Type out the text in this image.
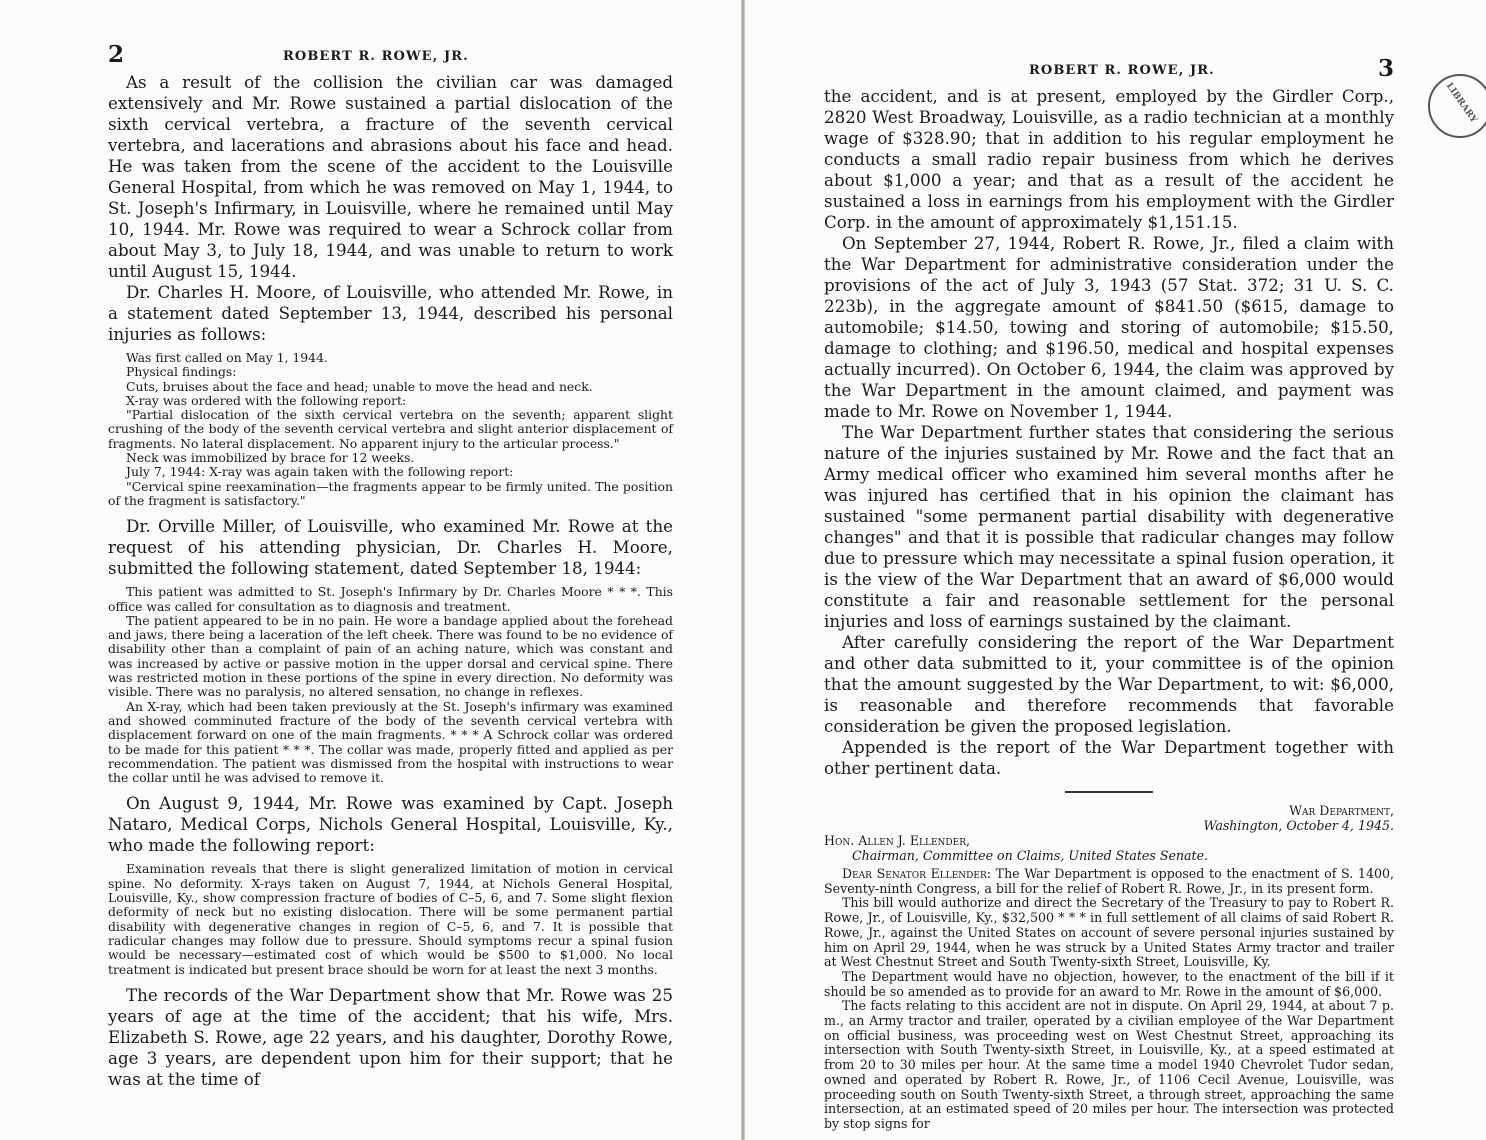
2	ROBERT R. ROWE, JR.

As a result of the collision the civilian car was damaged extensively and Mr. Rowe sustained a partial dislocation of the sixth cervical vertebra, a fracture of the seventh cervical vertebra, and lacerations and abrasions about his face and head. He was taken from the scene of the accident to the Louisville General Hospital, from which he was removed on May 1, 1944, to St. Joseph's Infirmary, in Louisville, where he remained until May 10, 1944. Mr. Rowe was required to wear a Schrock collar from about May 3, to July 18, 1944, and was unable to return to work until August 15, 1944.

Dr. Charles H. Moore, of Louisville, who attended Mr. Rowe, in a statement dated September 13, 1944, described his personal injuries as follows:

Was first called on May 1, 1944.

Physical findings:

Cuts, bruises about the face and head; unable to move the head and neck.

X-ray was ordered with the following report:

"Partial dislocation of the sixth cervical vertebra on the seventh; apparent slight crushing of the body of the seventh cervical vertebra and slight anterior displacement of fragments. No lateral displacement. No apparent injury to the articular process."

Neck was immobilized by brace for 12 weeks.

July 7, 1944: X-ray was again taken with the following report:

"Cervical spine reexamination—the fragments appear to be firmly united. The position of the fragment is satisfactory."

Dr. Orville Miller, of Louisville, who examined Mr. Rowe at the request of his attending physician, Dr. Charles H. Moore, submitted the following statement, dated September 18, 1944:

This patient was admitted to St. Joseph's Infirmary by Dr. Charles Moore * * *. This office was called for consultation as to diagnosis and treatment.

The patient appeared to be in no pain. He wore a bandage applied about the forehead and jaws, there being a laceration of the left cheek. There was found to be no evidence of disability other than a complaint of pain of an aching nature, which was constant and was increased by active or passive motion in the upper dorsal and cervical spine. There was restricted motion in these portions of the spine in every direction. No deformity was visible. There was no paralysis, no altered sensation, no change in reflexes.

An X-ray, which had been taken previously at the St. Joseph's infirmary was examined and showed comminuted fracture of the body of the seventh cervical vertebra with displacement forward on one of the main fragments. * * * A Schrock collar was ordered to be made for this patient * * *. The collar was made, properly fitted and applied as per recommendation. The patient was dismissed from the hospital with instructions to wear the collar until he was advised to remove it.

On August 9, 1944, Mr. Rowe was examined by Capt. Joseph Nataro, Medical Corps, Nichols General Hospital, Louisville, Ky., who made the following report:

Examination reveals that there is slight generalized limitation of motion in cervical spine. No deformity. X-rays taken on August 7, 1944, at Nichols General Hospital, Louisville, Ky., show compression fracture of bodies of C–5, 6, and 7. Some slight flexion deformity of neck but no existing dislocation. There will be some permanent partial disability with degenerative changes in region of C–5, 6, and 7. It is possible that radicular changes may follow due to pressure. Should symptoms recur a spinal fusion would be necessary—estimated cost of which would be $500 to $1,000. No local treatment is indicated but present brace should be worn for at least the next 3 months.

The records of the War Department show that Mr. Rowe was 25 years of age at the time of the accident; that his wife, Mrs. Elizabeth S. Rowe, age 22 years, and his daughter, Dorothy Rowe, age 3 years, are dependent upon him for their support; that he was at the time of

ROBERT R. ROWE, JR.	3

the accident, and is at present, employed by the Girdler Corp., 2820 West Broadway, Louisville, as a radio technician at a monthly wage of $328.90; that in addition to his regular employment he conducts a small radio repair business from which he derives about $1,000 a year; and that as a result of the accident he sustained a loss in earnings from his employment with the Girdler Corp. in the amount of approximately $1,151.15.

On September 27, 1944, Robert R. Rowe, Jr., filed a claim with the War Department for administrative consideration under the provisions of the act of July 3, 1943 (57 Stat. 372; 31 U. S. C. 223b), in the aggregate amount of $841.50 ($615, damage to automobile; $14.50, towing and storing of automobile; $15.50, damage to clothing; and $196.50, medical and hospital expenses actually incurred). On October 6, 1944, the claim was approved by the War Department in the amount claimed, and payment was made to Mr. Rowe on November 1, 1944.

The War Department further states that considering the serious nature of the injuries sustained by Mr. Rowe and the fact that an Army medical officer who examined him several months after he was injured has certified that in his opinion the claimant has sustained "some permanent partial disability with degenerative changes" and that it is possible that radicular changes may follow due to pressure which may necessitate a spinal fusion operation, it is the view of the War Department that an award of $6,000 would constitute a fair and reasonable settlement for the personal injuries and loss of earnings sustained by the claimant.

After carefully considering the report of the War Department and other data submitted to it, your committee is of the opinion that the amount suggested by the War Department, to wit: $6,000, is reasonable and therefore recommends that favorable consideration be given the proposed legislation.

Appended is the report of the War Department together with other pertinent data.

War Department,
Washington, October 4, 1945.

Hon. Allen J. Ellender,

Chairman, Committee on Claims, United States Senate.

Dear Senator Ellender: The War Department is opposed to the enactment of S. 1400, Seventy-ninth Congress, a bill for the relief of Robert R. Rowe, Jr., in its present form.

This bill would authorize and direct the Secretary of the Treasury to pay to Robert R. Rowe, Jr., of Louisville, Ky., $32,500 * * * in full settlement of all claims of said Robert R. Rowe, Jr., against the United States on account of severe personal injuries sustained by him on April 29, 1944, when he was struck by a United States Army tractor and trailer at West Chestnut Street and South Twenty-sixth Street, Louisville, Ky.

The Department would have no objection, however, to the enactment of the bill if it should be so amended as to provide for an award to Mr. Rowe in the amount of $6,000.

The facts relating to this accident are not in dispute. On April 29, 1944, at about 7 p. m., an Army tractor and trailer, operated by a civilian employee of the War Department on official business, was proceeding west on West Chestnut Street, approaching its intersection with South Twenty-sixth Street, in Louisville, Ky., at a speed estimated at from 20 to 30 miles per hour. At the same time a model 1940 Chevrolet Tudor sedan, owned and operated by Robert R. Rowe, Jr., of 1106 Cecil Avenue, Louisville, was proceeding south on South Twenty-sixth Street, a through street, approaching the same intersection, at an estimated speed of 20 miles per hour. The intersection was protected by stop signs for

LIBRARY
